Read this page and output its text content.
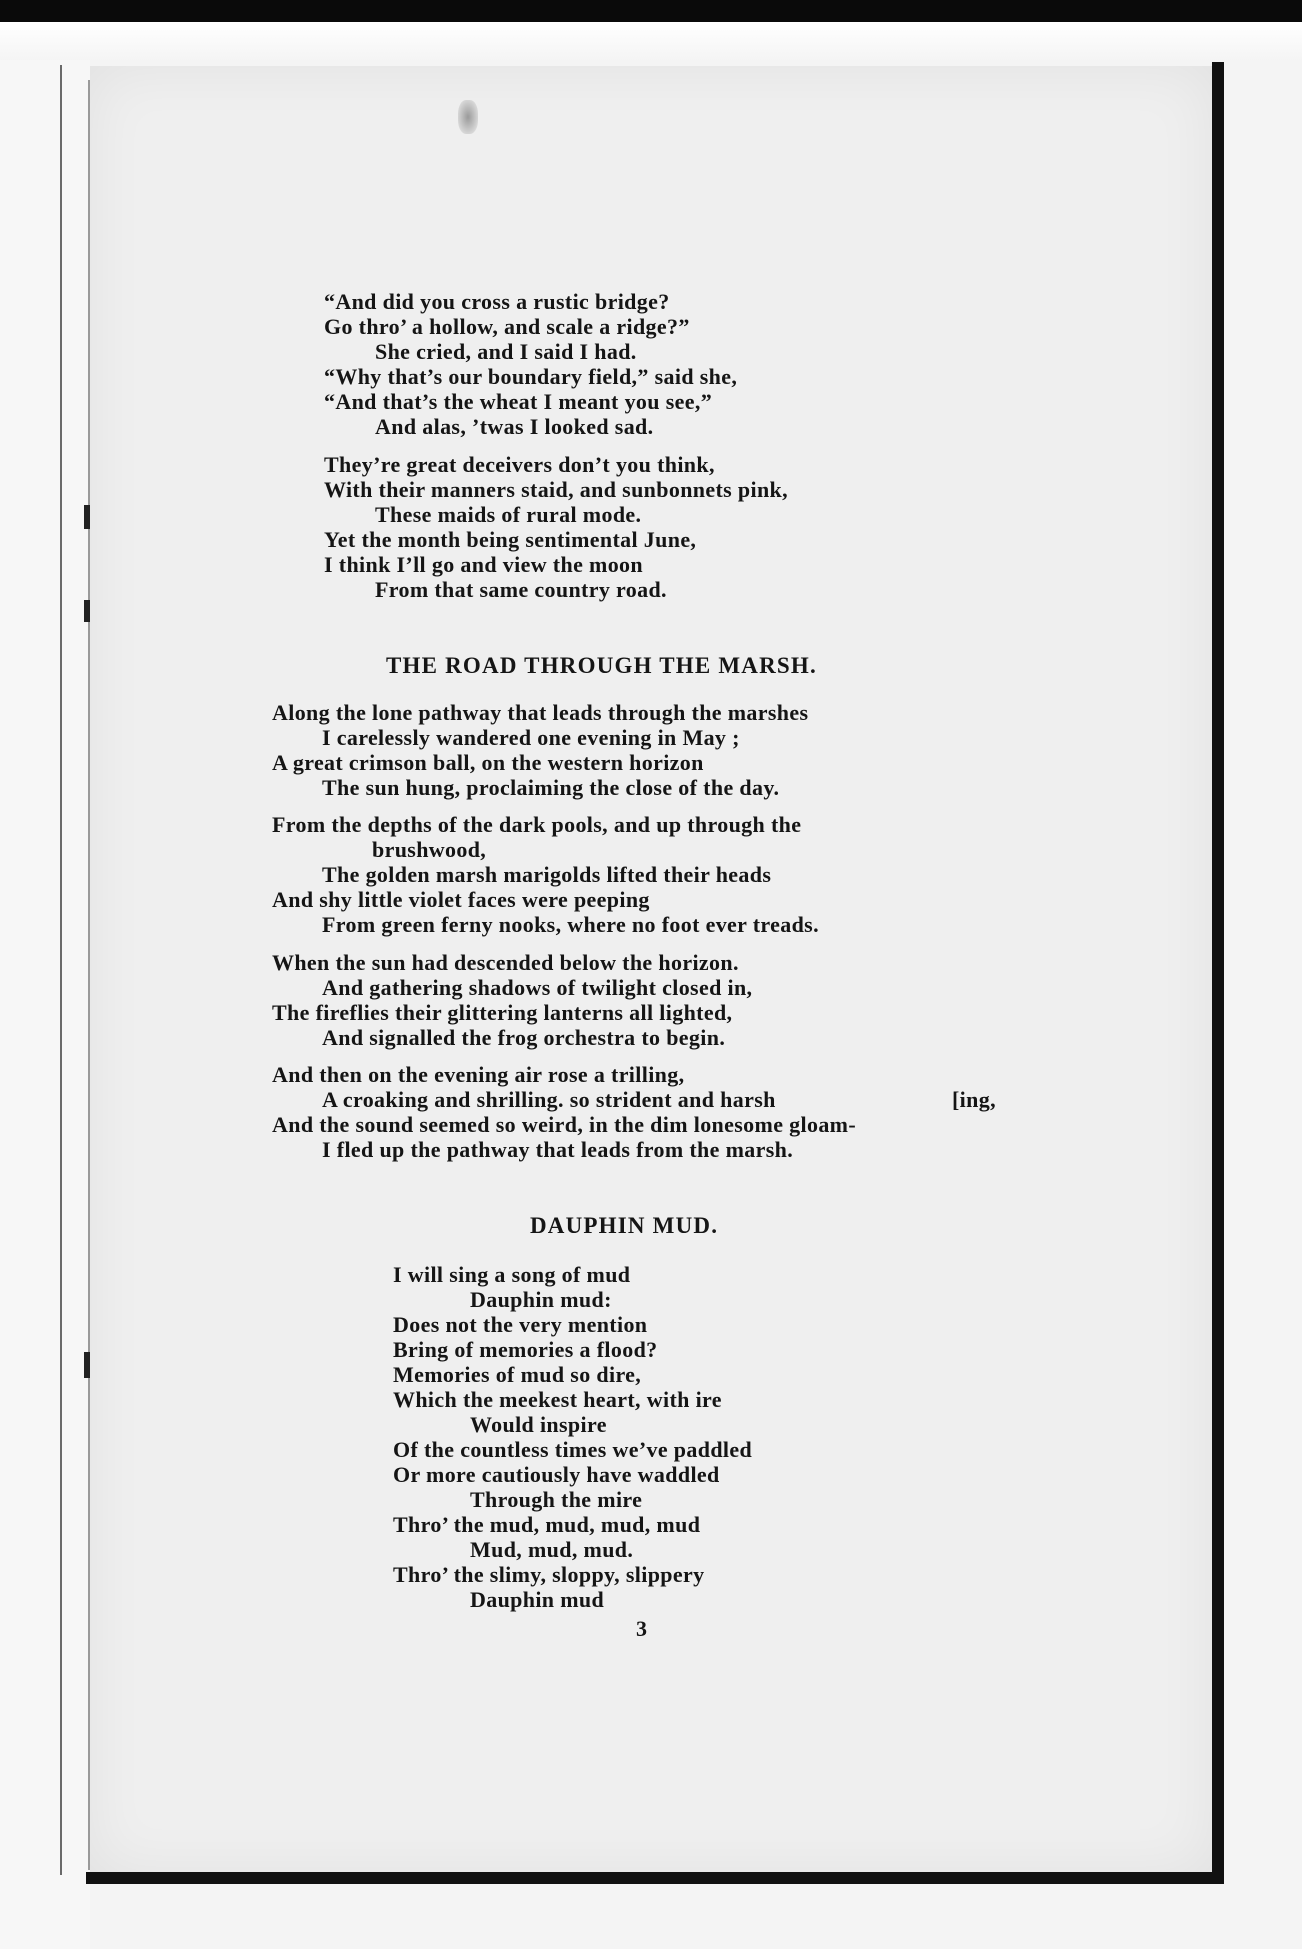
“And did you cross a rustic bridge?
Go thro’ a hollow, and scale a ridge?”
She cried, and I said I had.
“Why that’s our boundary field,” said she,
“And that’s the wheat I meant you see,”
And alas, ’twas I looked sad.
They’re great deceivers don’t you think,
With their manners staid, and sunbonnets pink,
These maids of rural mode.
Yet the month being sentimental June,
I think I’ll go and view the moon
From that same country road.
THE ROAD THROUGH THE MARSH.
Along the lone pathway that leads through the marshes
I carelessly wandered one evening in May ;
A great crimson ball, on the western horizon
The sun hung, proclaiming the close of the day.
From the depths of the dark pools, and up through the
brushwood,
The golden marsh marigolds lifted their heads
And shy little violet faces were peeping
From green ferny nooks, where no foot ever treads.
When the sun had descended below the horizon.
And gathering shadows of twilight closed in,
The fireflies their glittering lanterns all lighted,
And signalled the frog orchestra to begin.
And then on the evening air rose a trilling,
A croaking and shrilling. so strident and harsh	[ing,
And the sound seemed so weird, in the dim lonesome gloam-
I fled up the pathway that leads from the marsh.
DAUPHIN MUD.
I will sing a song of mud
Dauphin mud:
Does not the very mention
Bring of memories a flood?
Memories of mud so dire,
Which the meekest heart, with ire
Would inspire
Of the countless times we’ve paddled
Or more cautiously have waddled
Through the mire
Thro’ the mud, mud, mud, mud
Mud, mud, mud.
Thro’ the slimy, sloppy, slippery
Dauphin mud
3
